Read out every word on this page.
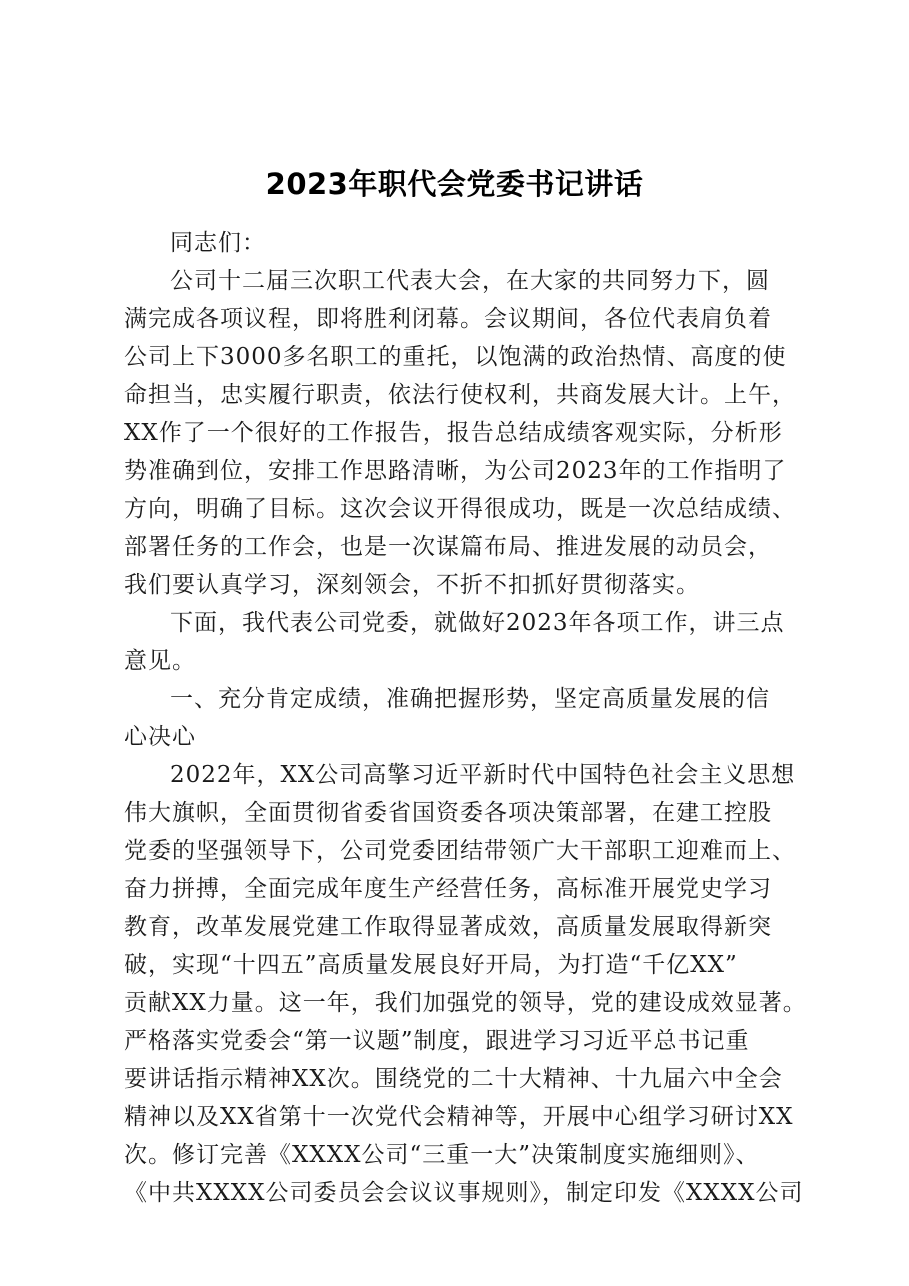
2023年职代会党委书记讲话
同志们：
公司十二届三次职工代表大会，在大家的共同努力下，圆
满完成各项议程，即将胜利闭幕。会议期间，各位代表肩负着
公司上下3000多名职工的重托，以饱满的政治热情、高度的使
命担当，忠实履行职责，依法行使权利，共商发展大计。上午，
XX作了一个很好的工作报告，报告总结成绩客观实际，分析形
势准确到位，安排工作思路清晰，为公司2023年的工作指明了
方向，明确了目标。这次会议开得很成功，既是一次总结成绩、
部署任务的工作会，也是一次谋篇布局、推进发展的动员会，
我们要认真学习，深刻领会，不折不扣抓好贯彻落实。
下面，我代表公司党委，就做好2023年各项工作，讲三点
意见。
一、充分肯定成绩，准确把握形势，坚定高质量发展的信
心决心
2022年，XX公司高擎习近平新时代中国特色社会主义思想
伟大旗帜，全面贯彻省委省国资委各项决策部署，在建工控股
党委的坚强领导下，公司党委团结带领广大干部职工迎难而上、
奋力拼搏，全面完成年度生产经营任务，高标准开展党史学习
教育，改革发展党建工作取得显著成效，高质量发展取得新突
破，实现“十四五”高质量发展良好开局，为打造“千亿XX”
贡献XX力量。这一年，我们加强党的领导，党的建设成效显著。
严格落实党委会“第一议题”制度，跟进学习习近平总书记重
要讲话指示精神XX次。围绕党的二十大精神、十九届六中全会
精神以及XX省第十一次党代会精神等，开展中心组学习研讨XX
次。修订完善《XXXX公司“三重一大”决策制度实施细则》、
《中共XXXX公司委员会会议议事规则》，制定印发《XXXX公司
